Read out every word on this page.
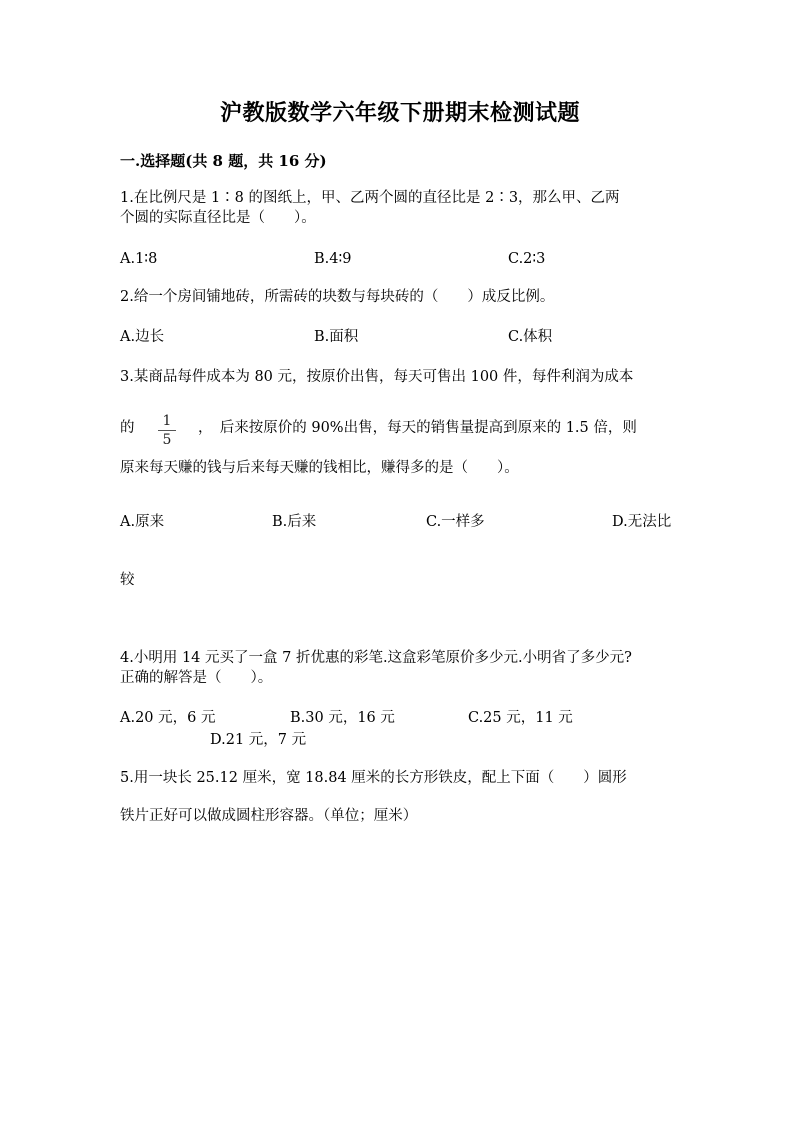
沪教版数学六年级下册期末检测试题
一.选择题(共 8 题，共 16 分)
1.在比例尺是 1∶8 的图纸上，甲、乙两个圆的直径比是 2∶3，那么甲、乙两
个圆的实际直径比是（　　）。
A.1∶8	B.4∶9	C.2∶3
2.给一个房间铺地砖，所需砖的块数与每块砖的（　　）成反比例。
A.边长	B.面积	C.体积
3.某商品每件成本为 80 元，按原价出售，每天可售出 100 件，每件利润为成本
的	1
5
，　后来按原价的 90%出售，每天的销售量提高到原来的 1.5 倍，则
原来每天赚的钱与后来每天赚的钱相比，赚得多的是（　　）。
A.原来	B.后来	C.一样多	D.无法比
较
4.小明用 14 元买了一盒 7 折优惠的彩笔.这盒彩笔原价多少元.小明省了多少元?
正确的解答是（　　）。
A.20 元，6 元	B.30 元，16 元	C.25 元，11 元
D.21 元，7 元
5.用一块长 25.12 厘米，宽 18.84 厘米的长方形铁皮，配上下面（　　）圆形
铁片正好可以做成圆柱形容器。（单位；厘米）
